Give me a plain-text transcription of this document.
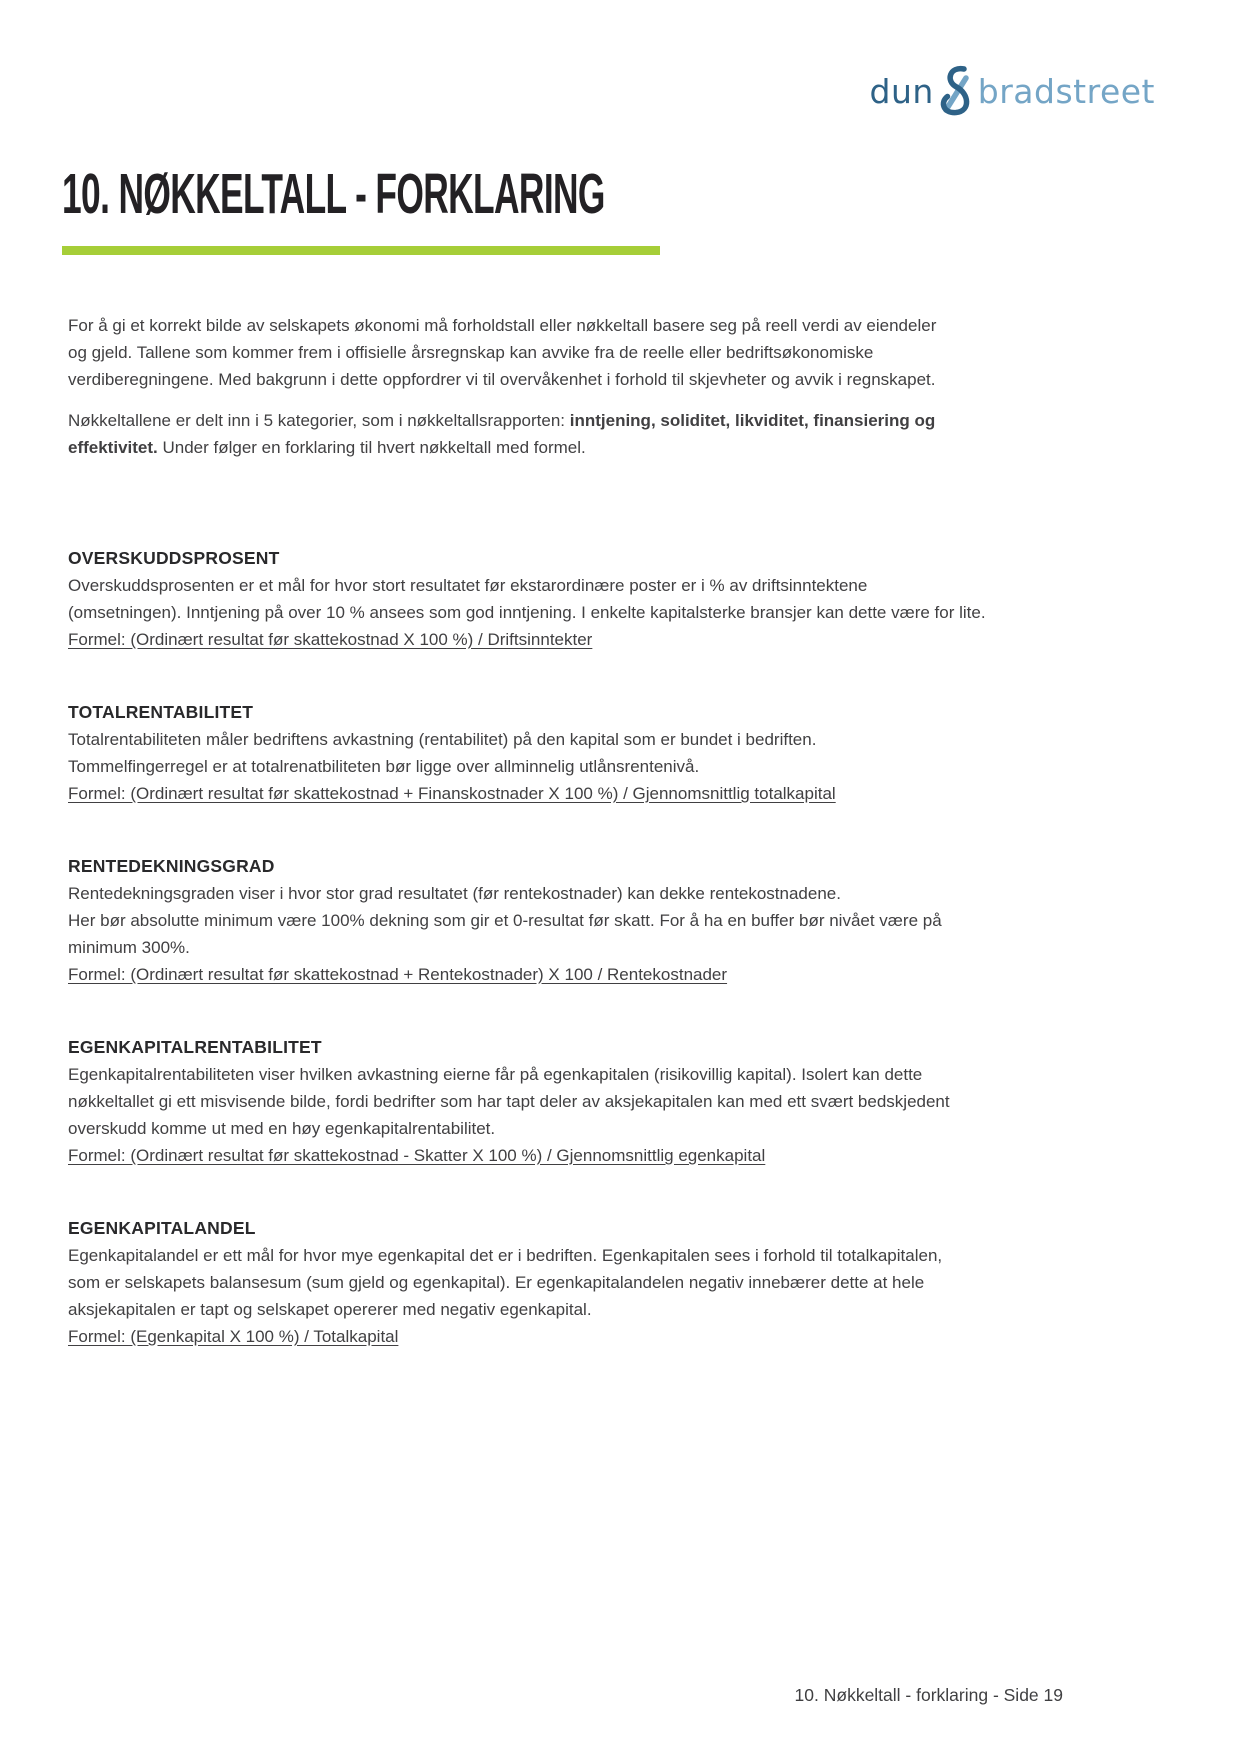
dun bradstreet
10. NØKKELTALL - FORKLARING
For å gi et korrekt bilde av selskapets økonomi må forholdstall eller nøkkeltall basere seg på reell verdi av eiendeler
og gjeld. Tallene som kommer frem i offisielle årsregnskap kan avvike fra de reelle eller bedriftsøkonomiske
verdiberegningene. Med bakgrunn i dette oppfordrer vi til overvåkenhet i forhold til skjevheter og avvik i regnskapet.
Nøkkeltallene er delt inn i 5 kategorier, som i nøkkeltallsrapporten: inntjening, soliditet, likviditet, finansiering og
effektivitet. Under følger en forklaring til hvert nøkkeltall med formel.
OVERSKUDDSPROSENT
Overskuddsprosenten er et mål for hvor stort resultatet før ekstarordinære poster er i % av driftsinntektene
(omsetningen). Inntjening på over 10 % ansees som god inntjening. I enkelte kapitalsterke bransjer kan dette være for lite.
Formel: (Ordinært resultat før skattekostnad X 100 %) / Driftsinntekter
TOTALRENTABILITET
Totalrentabiliteten måler bedriftens avkastning (rentabilitet) på den kapital som er bundet i bedriften.
Tommelfingerregel er at totalrenatbiliteten bør ligge over allminnelig utlånsrentenivå.
Formel: (Ordinært resultat før skattekostnad + Finanskostnader X 100 %) / Gjennomsnittlig totalkapital
RENTEDEKNINGSGRAD
Rentedekningsgraden viser i hvor stor grad resultatet (før rentekostnader) kan dekke rentekostnadene.
Her bør absolutte minimum være 100% dekning som gir et 0-resultat før skatt. For å ha en buffer bør nivået være på
minimum 300%.
Formel: (Ordinært resultat før skattekostnad + Rentekostnader) X 100 / Rentekostnader
EGENKAPITALRENTABILITET
Egenkapitalrentabiliteten viser hvilken avkastning eierne får på egenkapitalen (risikovillig kapital). Isolert kan dette
nøkkeltallet gi ett misvisende bilde, fordi bedrifter som har tapt deler av aksjekapitalen kan med ett svært bedskjedent
overskudd komme ut med en høy egenkapitalrentabilitet.
Formel: (Ordinært resultat før skattekostnad - Skatter X 100 %) / Gjennomsnittlig egenkapital
EGENKAPITALANDEL
Egenkapitalandel er ett mål for hvor mye egenkapital det er i bedriften. Egenkapitalen sees i forhold til totalkapitalen,
som er selskapets balansesum (sum gjeld og egenkapital). Er egenkapitalandelen negativ innebærer dette at hele
aksjekapitalen er tapt og selskapet opererer med negativ egenkapital.
Formel: (Egenkapital X 100 %) / Totalkapital
10. Nøkkeltall - forklaring - Side 19
